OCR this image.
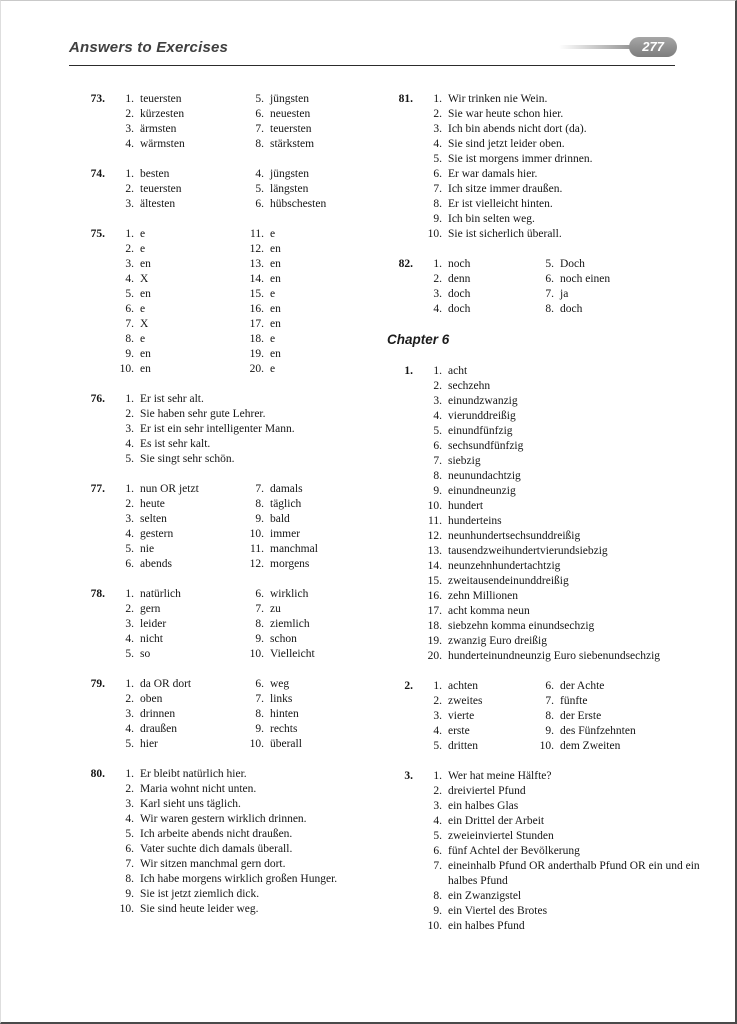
Answers to Exercises	277
73.	1. teuersten
2. kürzesten
3. ärmsten
4. wärmsten
5. jüngsten
6. neuesten
7. teuersten
8. stärkstem
74.	1. besten
2. teuersten
3. ältesten
4. jüngsten
5. längsten
6. hübschesten
75.	1. e
2. e
3. en
4. X
5. en
6. e
7. X
8. e
9. en
10. en
11. e
12. en
13. en
14. en
15. e
16. en
17. en
18. e
19. en
20. e
76.	1. Er ist sehr alt.
2. Sie haben sehr gute Lehrer.
3. Er ist ein sehr intelligenter Mann.
4. Es ist sehr kalt.
5. Sie singt sehr schön.
77.	1. nun OR jetzt
2. heute
3. selten
4. gestern
5. nie
6. abends
7. damals
8. täglich
9. bald
10. immer
11. manchmal
12. morgens
78.	1. natürlich
2. gern
3. leider
4. nicht
5. so
6. wirklich
7. zu
8. ziemlich
9. schon
10. Vielleicht
79.	1. da OR dort
2. oben
3. drinnen
4. draußen
5. hier
6. weg
7. links
8. hinten
9. rechts
10. überall
80.	1. Er bleibt natürlich hier.
2. Maria wohnt nicht unten.
3. Karl sieht uns täglich.
4. Wir waren gestern wirklich drinnen.
5. Ich arbeite abends nicht draußen.
6. Vater suchte dich damals überall.
7. Wir sitzen manchmal gern dort.
8. Ich habe morgens wirklich großen Hunger.
9. Sie ist jetzt ziemlich dick.
10. Sie sind heute leider weg.
81.	1. Wir trinken nie Wein.
2. Sie war heute schon hier.
3. Ich bin abends nicht dort (da).
4. Sie sind jetzt leider oben.
5. Sie ist morgens immer drinnen.
6. Er war damals hier.
7. Ich sitze immer draußen.
8. Er ist vielleicht hinten.
9. Ich bin selten weg.
10. Sie ist sicherlich überall.
82.	1. noch
2. denn
3. doch
4. doch
5. Doch
6. noch einen
7. ja
8. doch
Chapter 6
1.	1. acht
2. sechzehn
3. einundzwanzig
4. vierunddreißig
5. einundfünfzig
6. sechsundfünfzig
7. siebzig
8. neunundachtzig
9. einundneunzig
10. hundert
11. hunderteins
12. neunhundertsechsunddreißig
13. tausendzweihundertvierundsiebzig
14. neunzehnhundertachtzig
15. zweitausendeinunddreißig
16. zehn Millionen
17. acht komma neun
18. siebzehn komma einundsechzig
19. zwanzig Euro dreißig
20. hunderteinundneunzig Euro siebenundsechzig
2.	1. achten
2. zweites
3. vierte
4. erste
5. dritten
6. der Achte
7. fünfte
8. der Erste
9. des Fünfzehnten
10. dem Zweiten
3.	1. Wer hat meine Hälfte?
2. dreiviertel Pfund
3. ein halbes Glas
4. ein Drittel der Arbeit
5. zweieinviertel Stunden
6. fünf Achtel der Bevölkerung
7. eineinhalb Pfund OR anderthalb Pfund OR ein und ein halbes Pfund
8. ein Zwanzigstel
9. ein Viertel des Brotes
10. ein halbes Pfund
